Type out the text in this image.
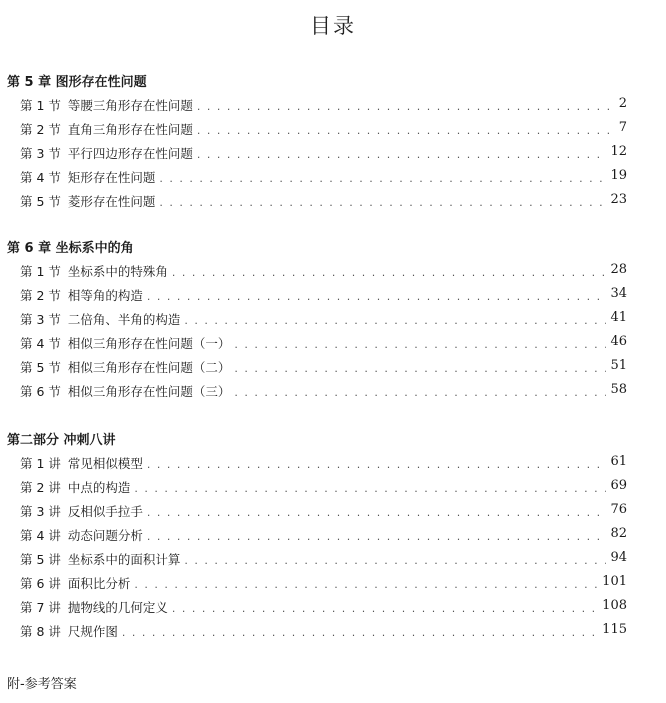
目录
第 5 章 图形存在性问题
第 1 节 等腰三角形存在性问题 . . .	2
第 2 节 直角三角形存在性问题 . . .	7
第 3 节 平行四边形存在性问题 . . .	12
第 4 节 矩形存在性问题 . . .	19
第 5 节 菱形存在性问题 . . .	23
第 6 章 坐标系中的角
第 1 节 坐标系中的特殊角 . . .	28
第 2 节 相等角的构造 . . .	34
第 3 节 二倍角、半角的构造 . . .	41
第 4 节 相似三角形存在性问题（一） . . .	46
第 5 节 相似三角形存在性问题（二） . . .	51
第 6 节 相似三角形存在性问题（三） . . .	58
第二部分 冲刺八讲
第 1 讲 常见相似模型 . . .	61
第 2 讲 中点的构造 . . .	69
第 3 讲 反相似手拉手 . . .	76
第 4 讲 动态问题分析 . . .	82
第 5 讲 坐标系中的面积计算 . . .	94
第 6 讲 面积比分析 . . .	101
第 7 讲 抛物线的几何定义 . . .	108
第 8 讲 尺规作图 . . .	115
附-参考答案
